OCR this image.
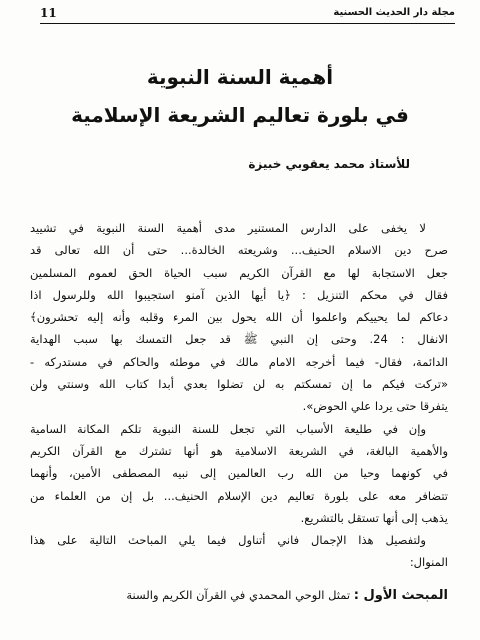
11	مجلة دار الحديث الحسنية
أهمية السنة النبوية
في بلورة تعاليم الشريعة الإسلامية
للأستاذ محمد يعقوبي خبيزة
لا يخفى على الدارس المستنير مدى أهمية السنة النبوية في تشييد
صرح دين الاسلام الحنيف... وشريعته الخالدة... حتى أن الله تعالى قد
جعل الاستجابة لها مع القرآن الكريم سبب الحياة الحق لعموم المسلمين
فقال في محكم التنزيل : ﴿يا أيها الذين آمنو استجيبوا الله وللرسول اذا
دعاكم لما يحييكم واعلموا أن الله يحول بين المرء وقلبه وأنه إليه تحشرون﴾
الانفال : 24. وحتى إن النبي ﷺ قد جعل التمسك بها سبب الهداية
الدائمة، فقال- فيما أخرجه الامام مالك في موطئه والحاكم في مستدركه -
«تركت فيكم ما إن تمسكتم به لن تضلوا بعدي أبدا كتاب الله وسنتي ولن
يتفرقا حتى يردا علي الحوض».
وإن في طليعة الأسباب التي تجعل للسنة النبوية تلكم المكانة السامية
والأهمية البالغة، في الشريعة الاسلامية هو أنها تشترك مع القرآن الكريم
في كونهما وحيا من الله رب العالمين إلى نبيه المصطفى الأمين، وأنهما
تتضافر معه على بلورة تعاليم دين الإسلام الحنيف... بل إن من العلماء من
يذهب إلى أنها تستقل بالتشريع.
ولتفصيل هذا الإجمال فاني أتناول فيما يلي المباحث التالية على هذا
المنوال:
المبحث الأول : تمثل الوحي المحمدي في القرآن الكريم والسنة
